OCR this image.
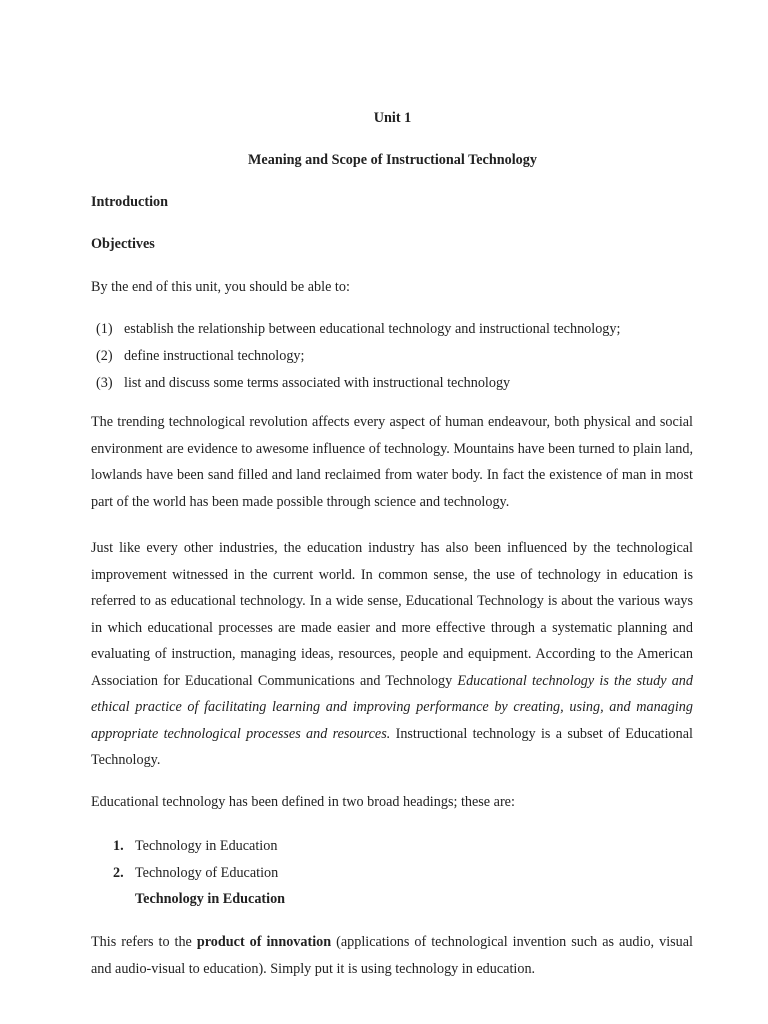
Unit 1
Meaning and Scope of Instructional Technology
Introduction
Objectives
By the end of this unit, you should be able to:
(1) establish the relationship between educational technology and instructional technology;
(2) define instructional technology;
(3) list and discuss some terms associated with instructional technology

The trending technological revolution affects every aspect of human endeavour, both physical and social environment are evidence to awesome influence of technology. Mountains have been turned to plain land, lowlands have been sand filled and land reclaimed from water body. In fact the existence of man in most part of the world has been made possible through science and technology.

Just like every other industries, the education industry has also been influenced by the technological improvement witnessed in the current world. In common sense, the use of technology in education is referred to as educational technology. In a wide sense, Educational Technology is about the various ways in which educational processes are made easier and more effective through a systematic planning and evaluating of instruction, managing ideas, resources, people and equipment. According to the American Association for Educational Communications and Technology Educational technology is the study and ethical practice of facilitating learning and improving performance by creating, using, and managing appropriate technological processes and resources. Instructional technology is a subset of Educational Technology.

Educational technology has been defined in two broad headings; these are:

1. Technology in Education
2. Technology of Education
Technology in Education

This refers to the product of innovation (applications of technological invention such as audio, visual and audio-visual to education). Simply put it is using technology in education.
